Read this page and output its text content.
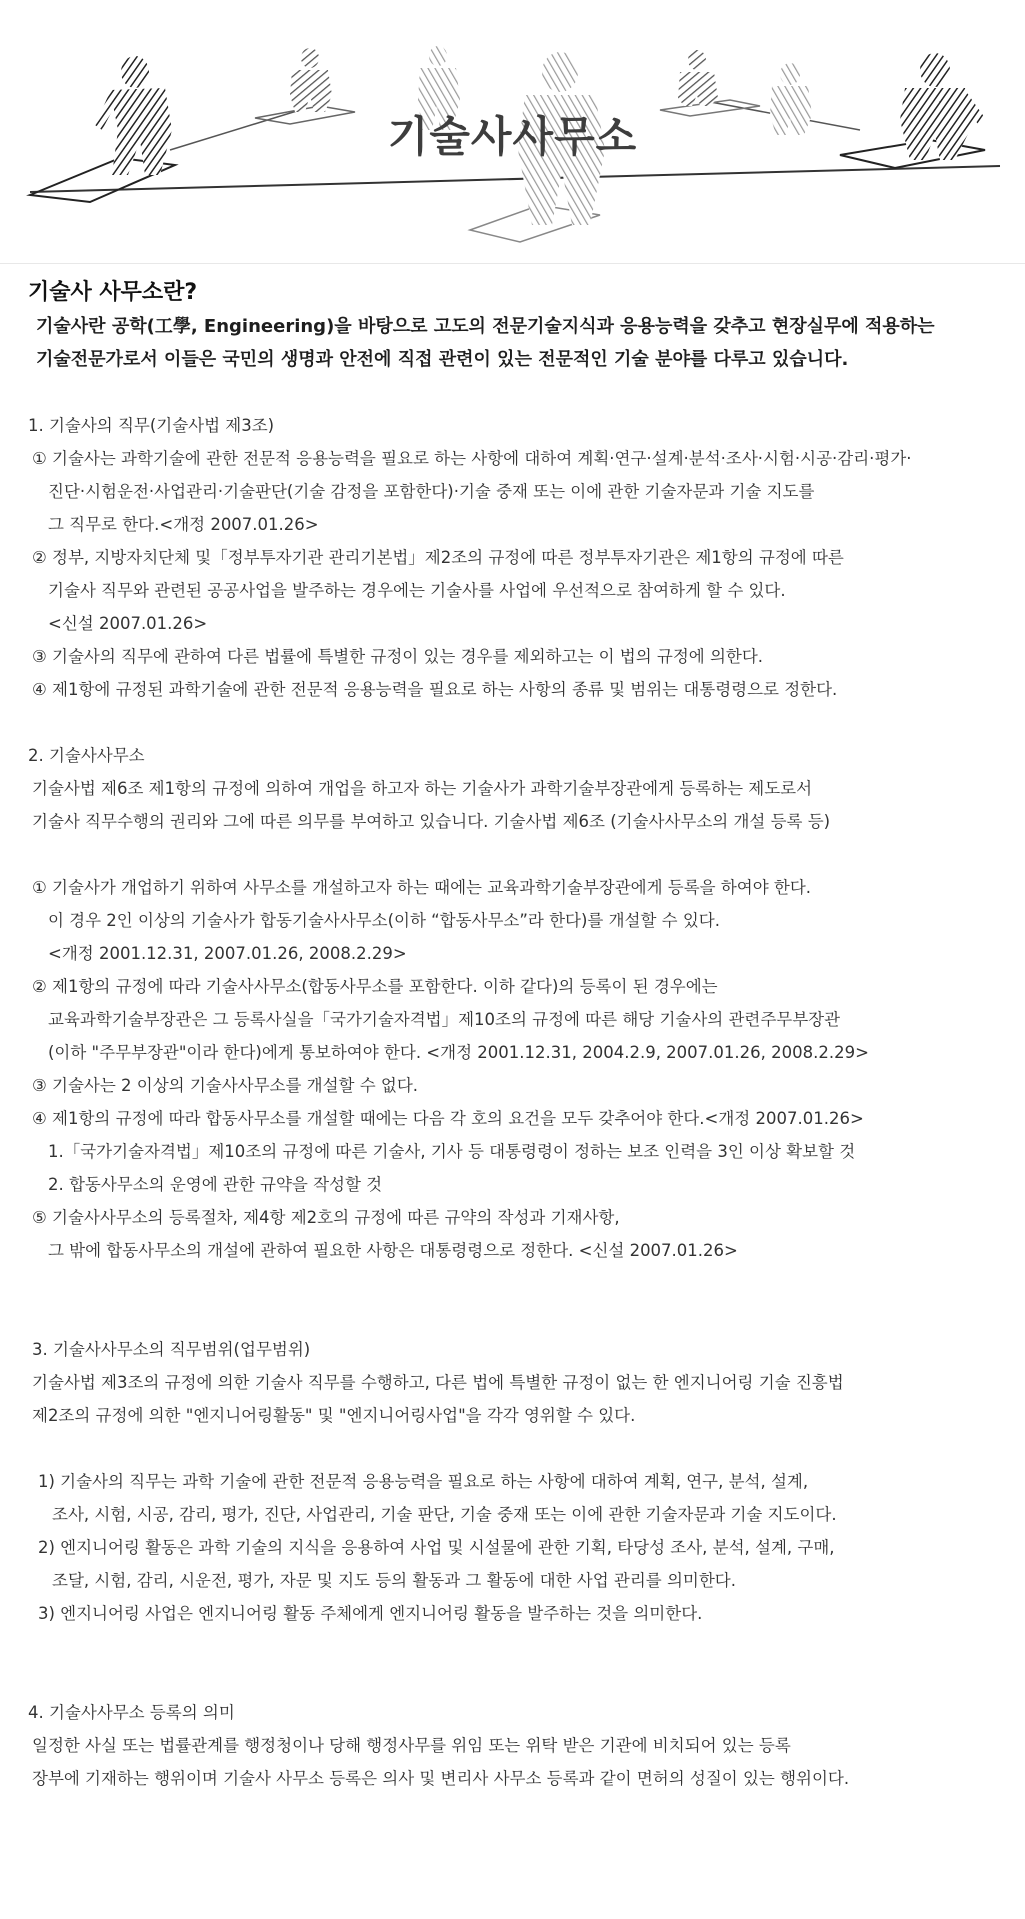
기술사사무소
기술사 사무소란?

기술사란 공학(工學, Engineering)을 바탕으로 고도의 전문기술지식과 응용능력을 갖추고 현장실무에 적용하는

기술전문가로서 이들은 국민의 생명과 안전에 직접 관련이 있는 전문적인 기술 분야를 다루고 있습니다.

1. 기술사의 직무(기술사법 제3조)

① 기술사는 과학기술에 관한 전문적 응용능력을 필요로 하는 사항에 대하여 계획·연구·설계·분석·조사·시험·시공·감리·평가·

진단·시험운전·사업관리·기술판단(기술 감정을 포함한다)·기술 중재 또는 이에 관한 기술자문과 기술 지도를

그 직무로 한다.<개정 2007.01.26>

② 정부, 지방자치단체 및「정부투자기관 관리기본법」제2조의 규정에 따른 정부투자기관은 제1항의 규정에 따른

기술사 직무와 관련된 공공사업을 발주하는 경우에는 기술사를 사업에 우선적으로 참여하게 할 수 있다.

<신설 2007.01.26>

③ 기술사의 직무에 관하여 다른 법률에 특별한 규정이 있는 경우를 제외하고는 이 법의 규정에 의한다.

④ 제1항에 규정된 과학기술에 관한 전문적 응용능력을 필요로 하는 사항의 종류 및 범위는 대통령령으로 정한다.

2. 기술사사무소

기술사법 제6조 제1항의 규정에 의하여 개업을 하고자 하는 기술사가 과학기술부장관에게 등록하는 제도로서

기술사 직무수행의 권리와 그에 따른 의무를 부여하고 있습니다. 기술사법 제6조 (기술사사무소의 개설 등록 등)

① 기술사가 개업하기 위하여 사무소를 개설하고자 하는 때에는 교육과학기술부장관에게 등록을 하여야 한다.

이 경우 2인 이상의 기술사가 합동기술사사무소(이하 “합동사무소”라 한다)를 개설할 수 있다.

<개정 2001.12.31, 2007.01.26, 2008.2.29>

② 제1항의 규정에 따라 기술사사무소(합동사무소를 포함한다. 이하 같다)의 등록이 된 경우에는

교육과학기술부장관은 그 등록사실을「국가기술자격법」제10조의 규정에 따른 해당 기술사의 관련주무부장관

(이하 "주무부장관"이라 한다)에게 통보하여야 한다. <개정 2001.12.31, 2004.2.9, 2007.01.26, 2008.2.29>

③ 기술사는 2 이상의 기술사사무소를 개설할 수 없다.

④ 제1항의 규정에 따라 합동사무소를 개설할 때에는 다음 각 호의 요건을 모두 갖추어야 한다.<개정 2007.01.26>

1.「국가기술자격법」제10조의 규정에 따른 기술사, 기사 등 대통령령이 정하는 보조 인력을 3인 이상 확보할 것

2. 합동사무소의 운영에 관한 규약을 작성할 것

⑤ 기술사사무소의 등록절차, 제4항 제2호의 규정에 따른 규약의 작성과 기재사항,

그 밖에 합동사무소의 개설에 관하여 필요한 사항은 대통령령으로 정한다. <신설 2007.01.26>

3. 기술사사무소의 직무범위(업무범위)

기술사법 제3조의 규정에 의한 기술사 직무를 수행하고, 다른 법에 특별한 규정이 없는 한 엔지니어링 기술 진흥법

제2조의 규정에 의한 "엔지니어링활동" 및 "엔지니어링사업"을 각각 영위할 수 있다.

1) 기술사의 직무는 과학 기술에 관한 전문적 응용능력을 필요로 하는 사항에 대하여 계획, 연구, 분석, 설계,

조사, 시험, 시공, 감리, 평가, 진단, 사업관리, 기술 판단, 기술 중재 또는 이에 관한 기술자문과 기술 지도이다.

2) 엔지니어링 활동은 과학 기술의 지식을 응용하여 사업 및 시설물에 관한 기획, 타당성 조사, 분석, 설계, 구매,

조달, 시험, 감리, 시운전, 평가, 자문 및 지도 등의 활동과 그 활동에 대한 사업 관리를 의미한다.

3) 엔지니어링 사업은 엔지니어링 활동 주체에게 엔지니어링 활동을 발주하는 것을 의미한다.

4. 기술사사무소 등록의 의미

일정한 사실 또는 법률관계를 행정청이나 당해 행정사무를 위임 또는 위탁 받은 기관에 비치되어 있는 등록

장부에 기재하는 행위이며 기술사 사무소 등록은 의사 및 변리사 사무소 등록과 같이 면허의 성질이 있는 행위이다.
